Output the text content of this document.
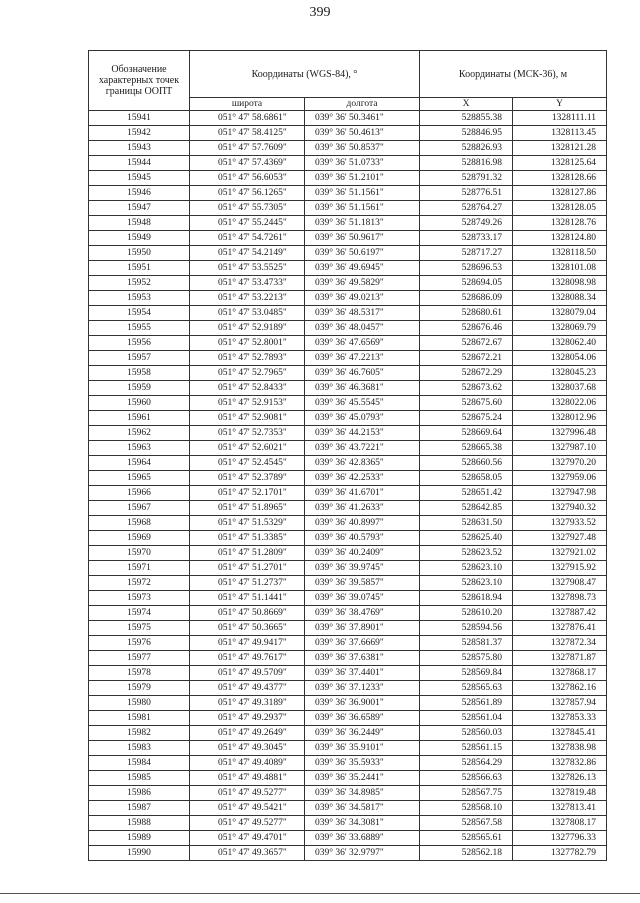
399
Обозначение характерных точек границы ООПТ	Координаты (WGS-84), °		Координаты (МСК-36), м	
	широта	долгота	X	Y
15941	051° 47' 58.6861"	039° 36' 50.3461"	528855.38	1328111.11
15942	051° 47' 58.4125"	039° 36' 50.4613"	528846.95	1328113.45
15943	051° 47' 57.7609"	039° 36' 50.8537"	528826.93	1328121.28
15944	051° 47' 57.4369"	039° 36' 51.0733"	528816.98	1328125.64
15945	051° 47' 56.6053"	039° 36' 51.2101"	528791.32	1328128.66
15946	051° 47' 56.1265"	039° 36' 51.1561"	528776.51	1328127.86
15947	051° 47' 55.7305"	039° 36' 51.1561"	528764.27	1328128.05
15948	051° 47' 55.2445"	039° 36' 51.1813"	528749.26	1328128.76
15949	051° 47' 54.7261"	039° 36' 50.9617"	528733.17	1328124.80
15950	051° 47' 54.2149"	039° 36' 50.6197"	528717.27	1328118.50
15951	051° 47' 53.5525"	039° 36' 49.6945"	528696.53	1328101.08
15952	051° 47' 53.4733"	039° 36' 49.5829"	528694.05	1328098.98
15953	051° 47' 53.2213"	039° 36' 49.0213"	528686.09	1328088.34
15954	051° 47' 53.0485"	039° 36' 48.5317"	528680.61	1328079.04
15955	051° 47' 52.9189"	039° 36' 48.0457"	528676.46	1328069.79
15956	051° 47' 52.8001"	039° 36' 47.6569"	528672.67	1328062.40
15957	051° 47' 52.7893"	039° 36' 47.2213"	528672.21	1328054.06
15958	051° 47' 52.7965"	039° 36' 46.7605"	528672.29	1328045.23
15959	051° 47' 52.8433"	039° 36' 46.3681"	528673.62	1328037.68
15960	051° 47' 52.9153"	039° 36' 45.5545"	528675.60	1328022.06
15961	051° 47' 52.9081"	039° 36' 45.0793"	528675.24	1328012.96
15962	051° 47' 52.7353"	039° 36' 44.2153"	528669.64	1327996.48
15963	051° 47' 52.6021"	039° 36' 43.7221"	528665.38	1327987.10
15964	051° 47' 52.4545"	039° 36' 42.8365"	528660.56	1327970.20
15965	051° 47' 52.3789"	039° 36' 42.2533"	528658.05	1327959.06
15966	051° 47' 52.1701"	039° 36' 41.6701"	528651.42	1327947.98
15967	051° 47' 51.8965"	039° 36' 41.2633"	528642.85	1327940.32
15968	051° 47' 51.5329"	039° 36' 40.8997"	528631.50	1327933.52
15969	051° 47' 51.3385"	039° 36' 40.5793"	528625.40	1327927.48
15970	051° 47' 51.2809"	039° 36' 40.2409"	528623.52	1327921.02
15971	051° 47' 51.2701"	039° 36' 39.9745"	528623.10	1327915.92
15972	051° 47' 51.2737"	039° 36' 39.5857"	528623.10	1327908.47
15973	051° 47' 51.1441"	039° 36' 39.0745"	528618.94	1327898.73
15974	051° 47' 50.8669"	039° 36' 38.4769"	528610.20	1327887.42
15975	051° 47' 50.3665"	039° 36' 37.8901"	528594.56	1327876.41
15976	051° 47' 49.9417"	039° 36' 37.6669"	528581.37	1327872.34
15977	051° 47' 49.7617"	039° 36' 37.6381"	528575.80	1327871.87
15978	051° 47' 49.5709"	039° 36' 37.4401"	528569.84	1327868.17
15979	051° 47' 49.4377"	039° 36' 37.1233"	528565.63	1327862.16
15980	051° 47' 49.3189"	039° 36' 36.9001"	528561.89	1327857.94
15981	051° 47' 49.2937"	039° 36' 36.6589"	528561.04	1327853.33
15982	051° 47' 49.2649"	039° 36' 36.2449"	528560.03	1327845.41
15983	051° 47' 49.3045"	039° 36' 35.9101"	528561.15	1327838.98
15984	051° 47' 49.4089"	039° 36' 35.5933"	528564.29	1327832.86
15985	051° 47' 49.4881"	039° 36' 35.2441"	528566.63	1327826.13
15986	051° 47' 49.5277"	039° 36' 34.8985"	528567.75	1327819.48
15987	051° 47' 49.5421"	039° 36' 34.5817"	528568.10	1327813.41
15988	051° 47' 49.5277"	039° 36' 34.3081"	528567.58	1327808.17
15989	051° 47' 49.4701"	039° 36' 33.6889"	528565.61	1327796.33
15990	051° 47' 49.3657"	039° 36' 32.9797"	528562.18	1327782.79
